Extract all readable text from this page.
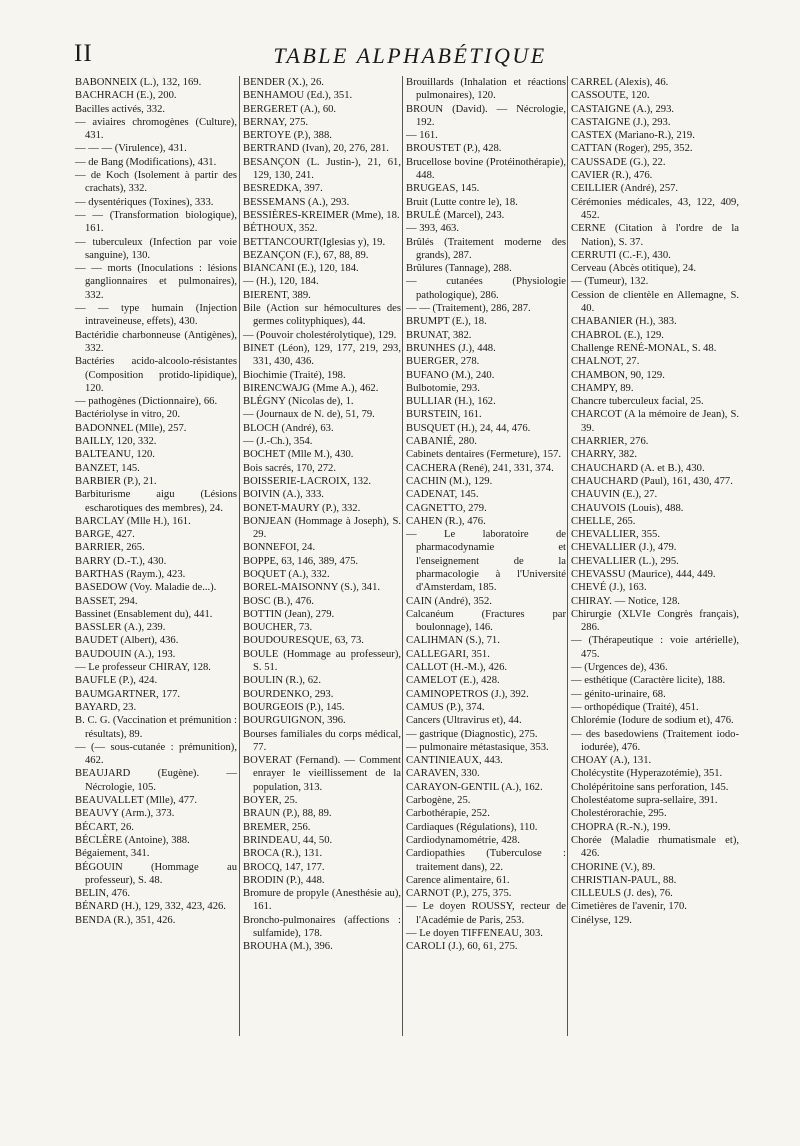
II	TABLE ALPHABÉTIQUE
BABONNEIX (L.), 132, 169.
BACHRACH (E.), 200.
Bacilles activés, 332.
— aviaires chromogènes (Culture), 431.
— — — (Virulence), 431.
— de Bang (Modifications), 431.
— de Koch (Isolement à partir des crachats), 332.
— dysentériques (Toxines), 333.
— — (Transformation biologique), 161.
— tuberculeux (Infection par voie sanguine), 130.
— — morts (Inoculations : lésions ganglionnaires et pulmonaires), 332.
— — type humain (Injection intraveineuse, effets), 430.
Bactéridie charbonneuse (Antigènes), 332.
Bactéries acido-alcoolo-résistantes (Composition protido-lipidique), 120.
— pathogènes (Dictionnaire), 66.
Bactériolyse in vitro, 20.
BADONNEL (Mlle), 257.
BAILLY, 120, 332.
BALTEANU, 120.
BANZET, 145.
BARBIER (P.), 21.
Barbiturisme aigu (Lésions escharotiques des membres), 24.
BARCLAY (Mlle H.), 161.
BARGE, 427.
BARRIER, 265.
BARRY (D.-T.), 430.
BARTHAS (Raym.), 423.
BASEDOW (Voy. Maladie de...).
BASSET, 294.
Bassinet (Ensablement du), 441.
BASSLER (A.), 239.
BAUDET (Albert), 436.
BAUDOUIN (A.), 193.
— Le professeur CHIRAY, 128.
BAUFLE (P.), 424.
BAUMGARTNER, 177.
BAYARD, 23.
B. C. G. (Vaccination et prémunition : résultats), 89.
— (— sous-cutanée : prémunition), 462.
BEAUJARD (Eugène). — Nécrologie, 105.
BEAUVALLET (Mlle), 477.
BEAUVY (Arm.), 373.
BÉCART, 26.
BÉCLÈRE (Antoine), 388.
Bégaiement, 341.
BÉGOUIN (Hommage au professeur), S. 48.
BELIN, 476.
BÉNARD (H.), 129, 332, 423, 426.
BENDA (R.), 351, 426.
BENDER (X.), 26.
BENHAMOU (Ed.), 351.
BERGERET (A.), 60.
BERNAY, 275.
BERTOYE (P.), 388.
BERTRAND (Ivan), 20, 276, 281.
BESANÇON (L. Justin-), 21, 61, 129, 130, 241.
BESREDKA, 397.
BESSEMANS (A.), 293.
BESSIÈRES-KREIMER (Mme), 18.
BÉTHOUX, 352.
BETTANCOURT(Iglesias y), 19.
BEZANÇON (F.), 67, 88, 89.
BIANCANI (E.), 120, 184.
— (H.), 120, 184.
BIERENT, 389.
Bile (Action sur hémocultures des germes colityphiques), 44.
— (Pouvoir cholestérolytique), 129.
BINET (Léon), 129, 177, 219, 293, 331, 430, 436.
Biochimie (Traité), 198.
BIRENCWAJG (Mme A.), 462.
BLÉGNY (Nicolas de), 1.
— (Journaux de N. de), 51, 79.
BLOCH (André), 63.
— (J.-Ch.), 354.
BOCHET (Mlle M.), 430.
Bois sacrés, 170, 272.
BOISSERIE-LACROIX, 132.
BOIVIN (A.), 333.
BONET-MAURY (P.), 332.
BONJEAN (Hommage à Joseph), S. 29.
BONNEFOI, 24.
BOPPE, 63, 146, 389, 475.
BOQUET (A.), 332.
BOREL-MAISONNY (S.), 341.
BOSC (B.), 476.
BOTTIN (Jean), 279.
BOUCHER, 73.
BOUDOURESQUE, 63, 73.
BOULE (Hommage au professeur), S. 51.
BOULIN (R.), 62.
BOURDENKO, 293.
BOURGEOIS (P.), 145.
BOURGUIGNON, 396.
Bourses familiales du corps médical, 77.
BOVERAT (Fernand). — Comment enrayer le vieillissement de la population, 313.
BOYER, 25.
BRAUN (P.), 88, 89.
BREMER, 256.
BRINDEAU, 44, 50.
BROCA (R.), 131.
BROCQ, 147, 177.
BRODIN (P.), 448.
Bromure de propyle (Anesthésie au), 161.
Broncho-pulmonaires (affections : sulfamide), 178.
BROUHA (M.), 396.
Brouillards (Inhalation et réactions pulmonaires), 120.
BROUN (David). — Nécrologie, 192.
— 161.
BROUSTET (P.), 428.
Brucellose bovine (Protéinothérapie), 448.
BRUGEAS, 145.
Bruit (Lutte contre le), 18.
BRULÉ (Marcel), 243.
— 393, 463.
Brûlés (Traitement moderne des grands), 287.
Brûlures (Tannage), 288.
— cutanées (Physiologie pathologique), 286.
— — (Traitement), 286, 287.
BRUMPT (E.), 18.
BRUNAT, 382.
BRUNHES (J.), 448.
BUERGER, 278.
BUFANO (M.), 240.
Bulbotomie, 293.
BULLIAR (H.), 162.
BURSTEIN, 161.
BUSQUET (H.), 24, 44, 476.
CABANIÉ, 280.
Cabinets dentaires (Fermeture), 157.
CACHERA (René), 241, 331, 374.
CACHIN (M.), 129.
CADENAT, 145.
CAGNETTO, 279.
CAHEN (R.), 476.
— Le laboratoire de pharmacodynamie et l'enseignement de la pharmacologie à l'Université d'Amsterdam, 185.
CAIN (André), 352.
Calcanéum (Fractures par boulonnage), 146.
CALIHMAN (S.), 71.
CALLEGARI, 351.
CALLOT (H.-M.), 426.
CAMELOT (E.), 428.
CAMINOPETROS (J.), 392.
CAMUS (P.), 374.
Cancers (Ultravirus et), 44.
— gastrique (Diagnostic), 275.
— pulmonaire métastasique, 353.
CANTINIEAUX, 443.
CARAVEN, 330.
CARAYON-GENTIL (A.), 162.
Carbogène, 25.
Carbothérapie, 252.
Cardiaques (Régulations), 110.
Cardiodynamométrie, 428.
Cardiopathies (Tuberculose : traitement dans), 22.
Carence alimentaire, 61.
CARNOT (P.), 275, 375.
— Le doyen ROUSSY, recteur de l'Académie de Paris, 253.
— Le doyen TIFFENEAU, 303.
CAROLI (J.), 60, 61, 275.
CARREL (Alexis), 46.
CASSOUTE, 120.
CASTAIGNE (A.), 293.
CASTAIGNE (J.), 293.
CASTEX (Mariano-R.), 219.
CATTAN (Roger), 295, 352.
CAUSSADE (G.), 22.
CAVIER (R.), 476.
CEILLIER (André), 257.
Cérémonies médicales, 43, 122, 409, 452.
CERNE (Citation à l'ordre de la Nation), S. 37.
CERRUTI (C.-F.), 430.
Cerveau (Abcès otitique), 24.
— (Tumeur), 132.
Cession de clientèle en Allemagne, S. 40.
CHABANIER (H.), 383.
CHABROL (E.), 129.
Challenge RENÉ-MONAL, S. 48.
CHALNOT, 27.
CHAMBON, 90, 129.
CHAMPY, 89.
Chancre tuberculeux facial, 25.
CHARCOT (A la mémoire de Jean), S. 39.
CHARRIER, 276.
CHARRY, 382.
CHAUCHARD (A. et B.), 430.
CHAUCHARD (Paul), 161, 430, 477.
CHAUVIN (E.), 27.
CHAUVOIS (Louis), 488.
CHELLE, 265.
CHEVALLIER, 355.
CHEVALLIER (J.), 479.
CHEVALLIER (L.), 295.
CHEVASSU (Maurice), 444, 449.
CHEVÉ (J.), 163.
CHIRAY. — Notice, 128.
Chirurgie (XLVIe Congrès français), 286.
— (Thérapeutique : voie artérielle), 475.
— (Urgences de), 436.
— esthétique (Caractère licite), 188.
— génito-urinaire, 68.
— orthopédique (Traité), 451.
Chlorémie (Iodure de sodium et), 476.
— des basedowiens (Traitement iodo-iodurée), 476.
CHOAY (A.), 131.
Cholécystite (Hyperazotémie), 351.
Cholépéritoine sans perforation, 145.
Cholestéatome supra-sellaire, 391.
Cholestérorachie, 295.
CHOPRA (R.-N.), 199.
Chorée (Maladie rhumatismale et), 426.
CHORINE (V.), 89.
CHRISTIAN-PAUL, 88.
CILLEULS (J. des), 76.
Cimetières de l'avenir, 170.
Cinélyse, 129.
